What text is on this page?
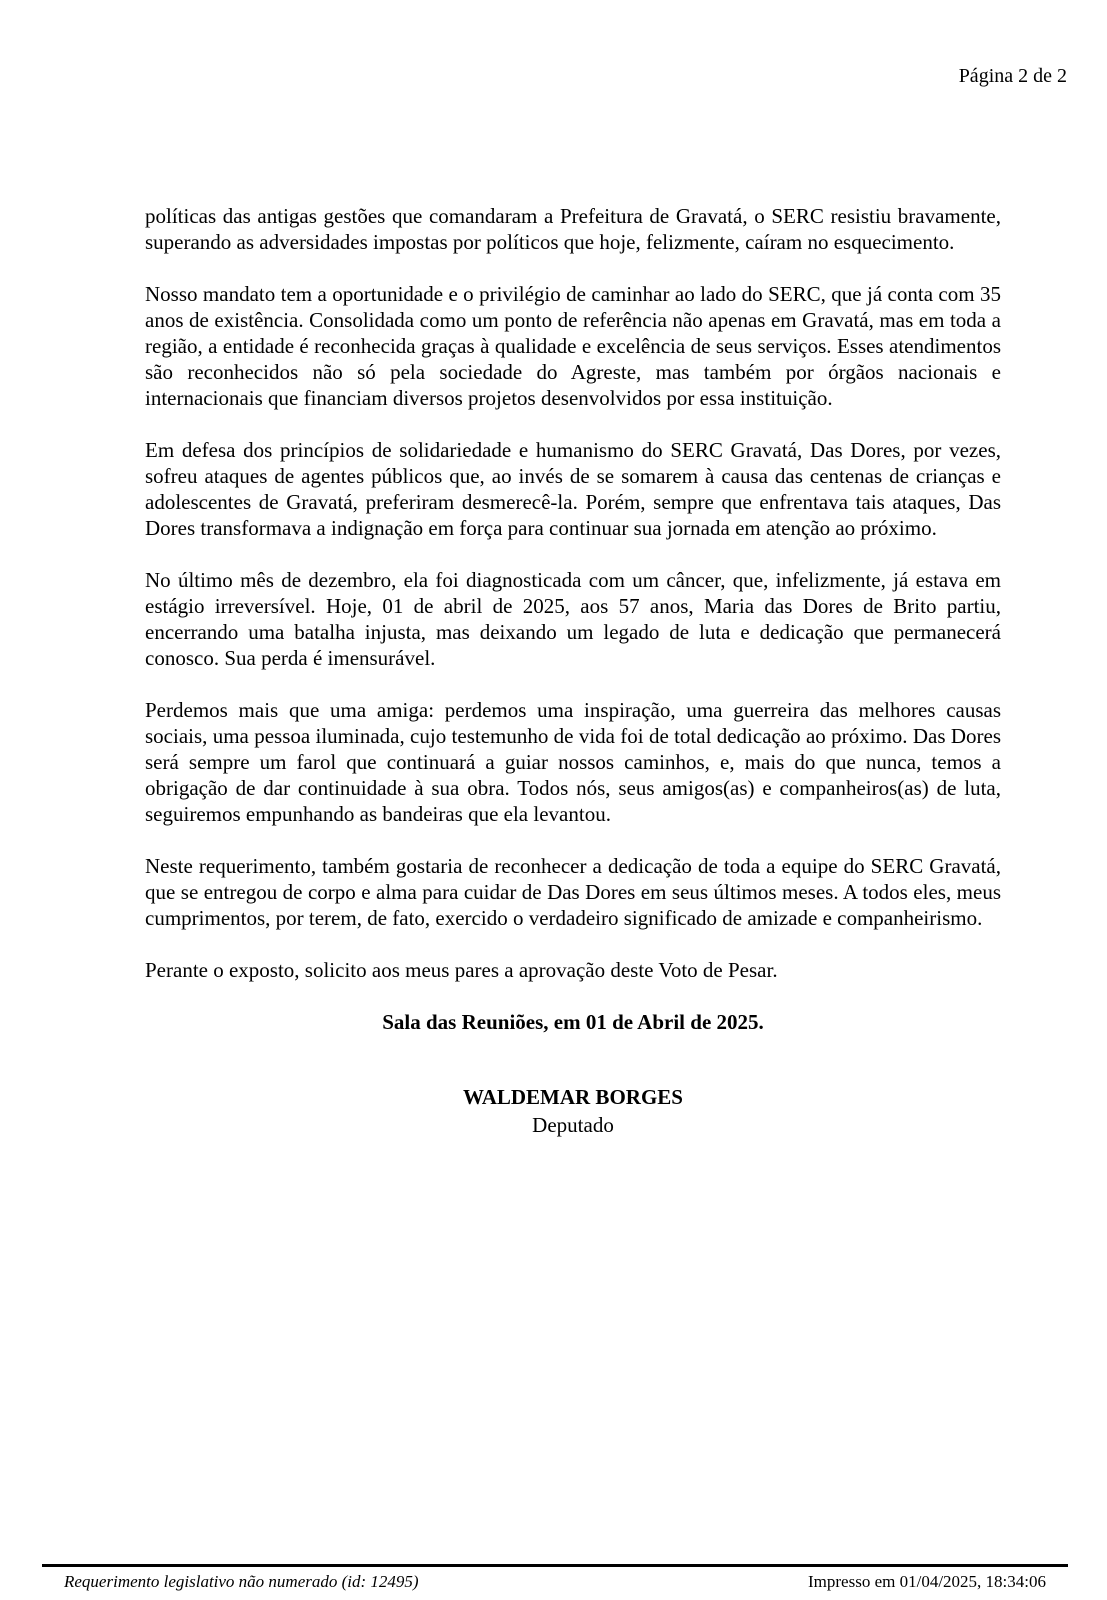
Página 2 de 2

políticas das antigas gestões que comandaram a Prefeitura de Gravatá, o SERC resistiu bravamente, superando as adversidades impostas por políticos que hoje, felizmente, caíram no esquecimento.

Nosso mandato tem a oportunidade e o privilégio de caminhar ao lado do SERC, que já conta com 35 anos de existência. Consolidada como um ponto de referência não apenas em Gravatá, mas em toda a região, a entidade é reconhecida graças à qualidade e excelência de seus serviços. Esses atendimentos são reconhecidos não só pela sociedade do Agreste, mas também por órgãos nacionais e internacionais que financiam diversos projetos desenvolvidos por essa instituição.

Em defesa dos princípios de solidariedade e humanismo do SERC Gravatá, Das Dores, por vezes, sofreu ataques de agentes públicos que, ao invés de se somarem à causa das centenas de crianças e adolescentes de Gravatá, preferiram desmerecê-la. Porém, sempre que enfrentava tais ataques, Das Dores transformava a indignação em força para continuar sua jornada em atenção ao próximo.

No último mês de dezembro, ela foi diagnosticada com um câncer, que, infelizmente, já estava em estágio irreversível. Hoje, 01 de abril de 2025, aos 57 anos, Maria das Dores de Brito partiu, encerrando uma batalha injusta, mas deixando um legado de luta e dedicação que permanecerá conosco. Sua perda é imensurável.

Perdemos mais que uma amiga: perdemos uma inspiração, uma guerreira das melhores causas sociais, uma pessoa iluminada, cujo testemunho de vida foi de total dedicação ao próximo. Das Dores será sempre um farol que continuará a guiar nossos caminhos, e, mais do que nunca, temos a obrigação de dar continuidade à sua obra. Todos nós, seus amigos(as) e companheiros(as) de luta, seguiremos empunhando as bandeiras que ela levantou.

Neste requerimento, também gostaria de reconhecer a dedicação de toda a equipe do SERC Gravatá, que se entregou de corpo e alma para cuidar de Das Dores em seus últimos meses. A todos eles, meus cumprimentos, por terem, de fato, exercido o verdadeiro significado de amizade e companheirismo.

Perante o exposto, solicito aos meus pares a aprovação deste Voto de Pesar.

Sala das Reuniões, em 01 de Abril de 2025.

WALDEMAR BORGES
Deputado
Requerimento legislativo não numerado (id: 12495)	Impresso em 01/04/2025, 18:34:06
